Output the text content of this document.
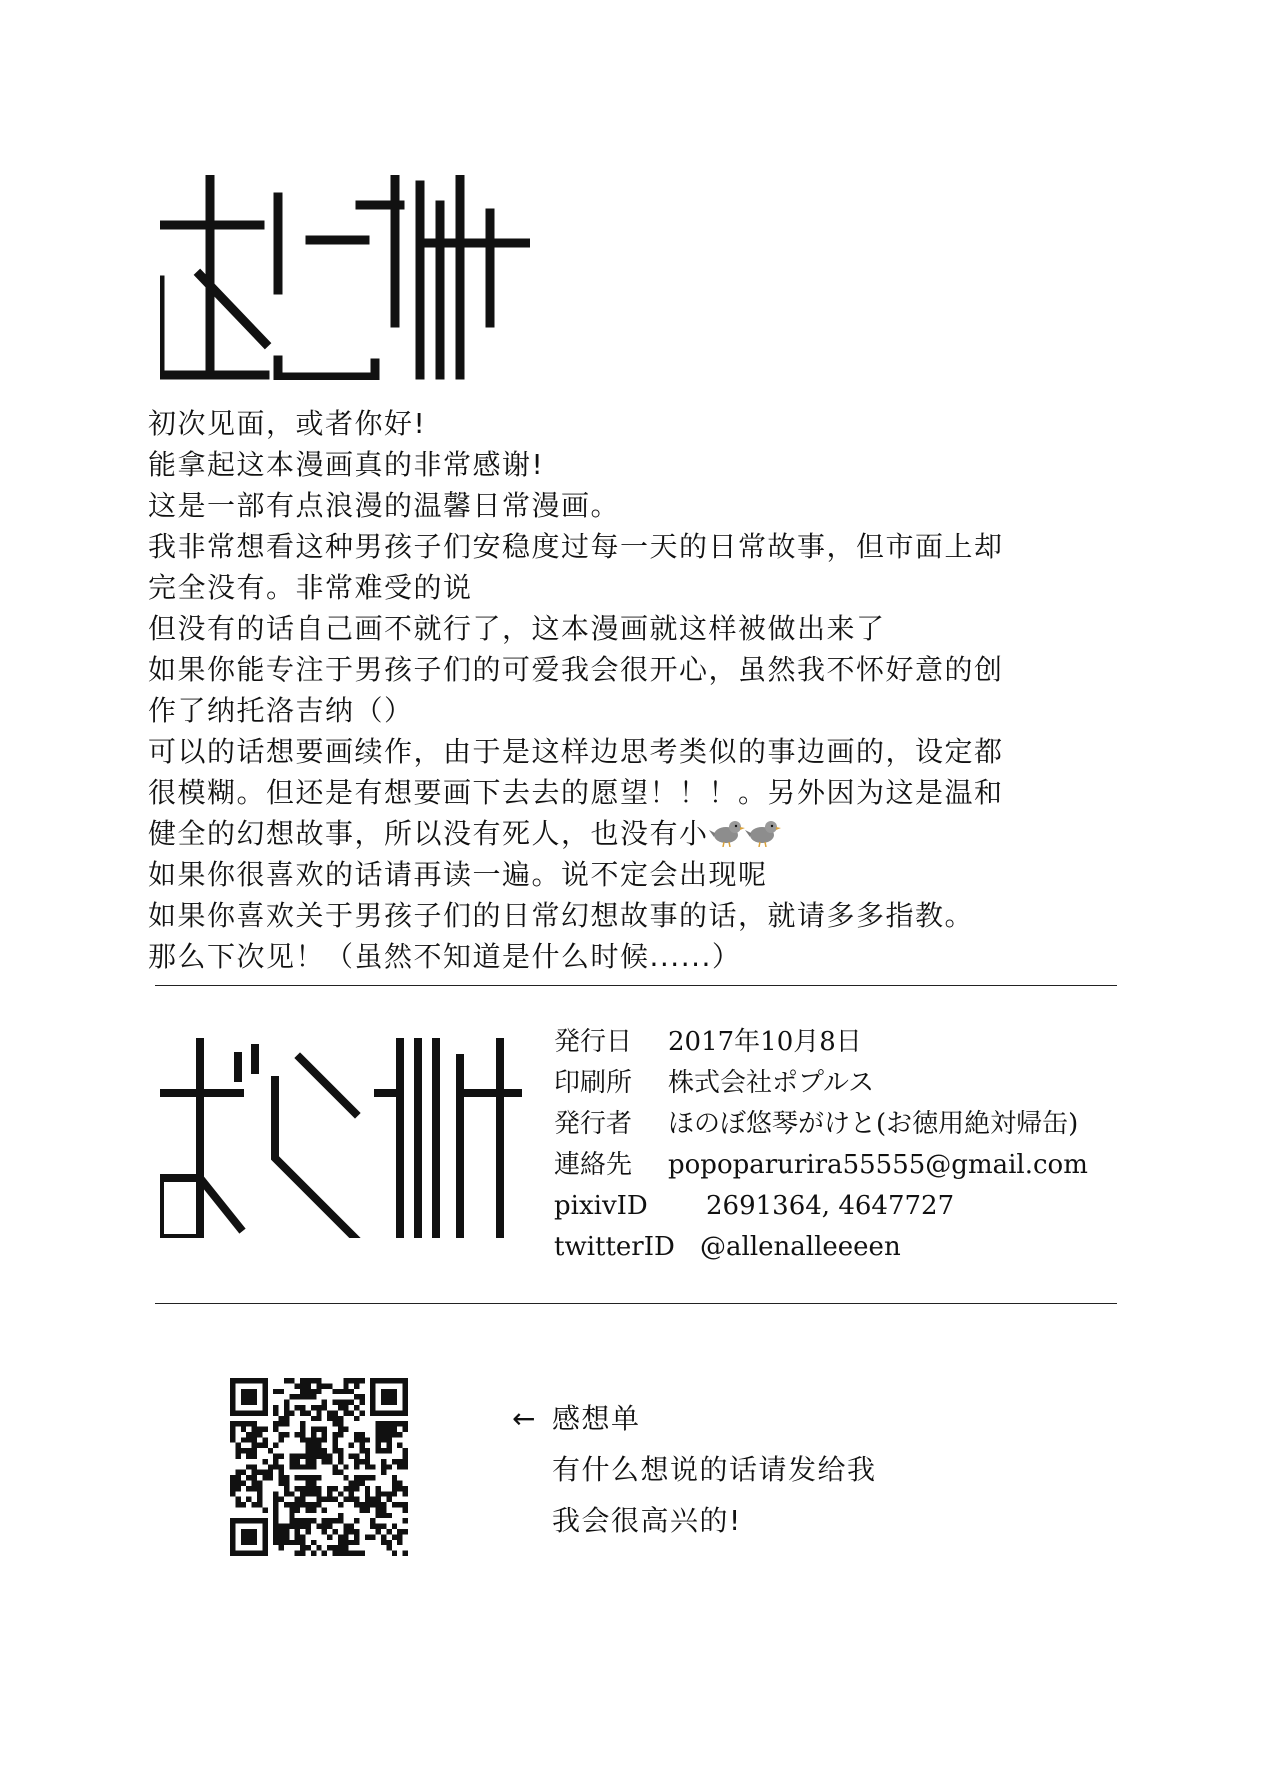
初次见面，或者你好!
能拿起这本漫画真的非常感谢!
这是一部有点浪漫的温馨日常漫画。
我非常想看这种男孩子们安稳度过每一天的日常故事，但市面上却
完全没有。非常难受的说
但没有的话自己画不就行了，这本漫画就这样被做出来了
如果你能专注于男孩子们的可爱我会很开心，虽然我不怀好意的创
作了纳托洛吉纳（）
可以的话想要画续作，由于是这样边思考类似的事边画的，设定都
很模糊。但还是有想要画下去去的愿望！！！。另外因为这是温和
健全的幻想故事，所以没有死人，也没有小
如果你很喜欢的话请再读一遍。说不定会出现呢
如果你喜欢关于男孩子们的日常幻想故事的话，就请多多指教。
那么下次见！（虽然不知道是什么时候......）
発行日	2017年10月8日
印刷所	株式会社ポプルス
発行者	ほのぼ悠琴がけと(お徳用絶対帰缶)
連絡先	popoparurira55555@gmail.com
pixivID	2691364, 4647727
twitterID @allenalleeeen
← 感想单
有什么想说的话请发给我
我会很高兴的!
